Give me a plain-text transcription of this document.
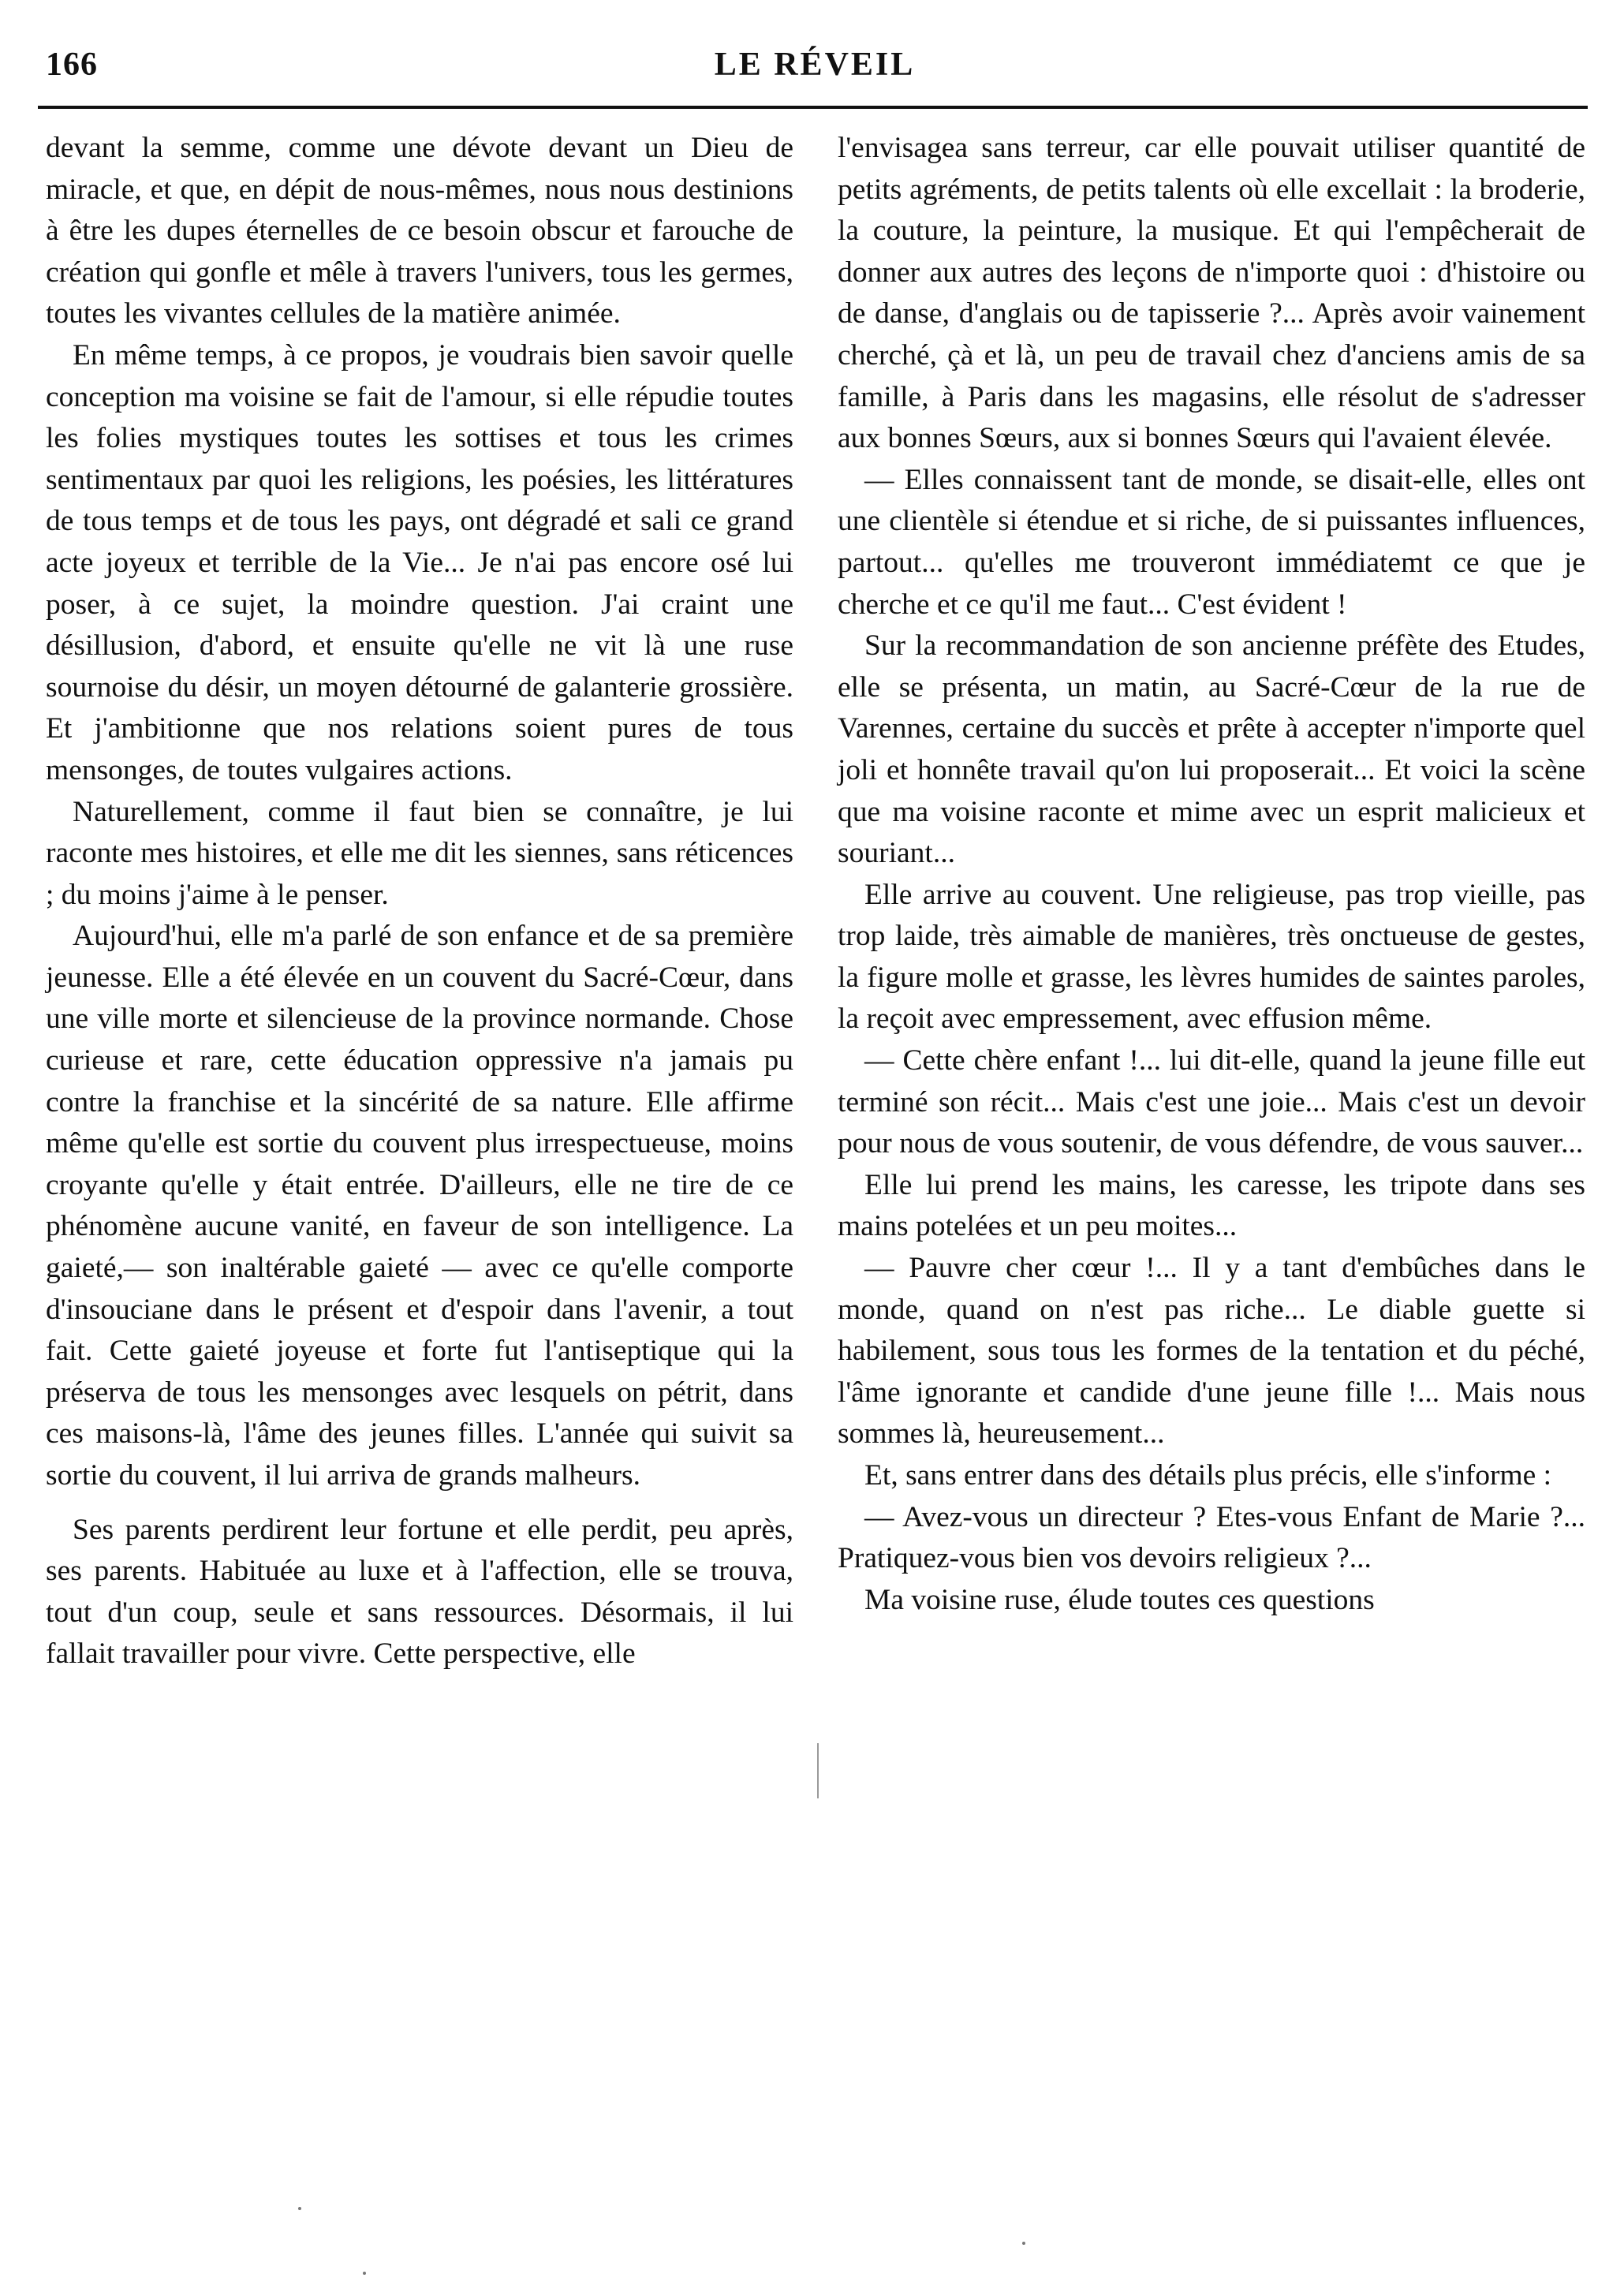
166	LE RÉVEIL

devant la semme, comme une dévote devant un Dieu de miracle, et que, en dépit de nous-mêmes, nous nous destinions à être les dupes éternelles de ce besoin obscur et farouche de création qui gonfle et mêle à travers l'univers, tous les germes, toutes les vivantes cellules de la matière animée.

En même temps, à ce propos, je voudrais bien savoir quelle conception ma voisine se fait de l'amour, si elle répudie toutes les folies mystiques toutes les sottises et tous les crimes sentimentaux par quoi les religions, les poésies, les littératures de tous temps et de tous les pays, ont dégradé et sali ce grand acte joyeux et terrible de la Vie... Je n'ai pas encore osé lui poser, à ce sujet, la moindre question. J'ai craint une désillusion, d'abord, et ensuite qu'elle ne vit là une ruse sournoise du désir, un moyen détourné de galanterie grossière. Et j'ambitionne que nos relations soient pures de tous mensonges, de toutes vulgaires actions.

Naturellement, comme il faut bien se connaître, je lui raconte mes histoires, et elle me dit les siennes, sans réticences ; du moins j'aime à le penser.

Aujourd'hui, elle m'a parlé de son enfance et de sa première jeunesse. Elle a été élevée en un couvent du Sacré-Cœur, dans une ville morte et silencieuse de la province normande. Chose curieuse et rare, cette éducation oppressive n'a jamais pu contre la franchise et la sincérité de sa nature. Elle affirme même qu'elle est sortie du couvent plus irrespectueuse, moins croyante qu'elle y était entrée. D'ailleurs, elle ne tire de ce phénomène aucune vanité, en faveur de son intelligence. La gaieté,— son inaltérable gaieté — avec ce qu'elle comporte d'insouciane dans le présent et d'espoir dans l'avenir, a tout fait. Cette gaieté joyeuse et forte fut l'antiseptique qui la préserva de tous les mensonges avec lesquels on pétrit, dans ces maisons-là, l'âme des jeunes filles. L'année qui suivit sa sortie du couvent, il lui arriva de grands malheurs.

Ses parents perdirent leur fortune et elle perdit, peu après, ses parents. Habituée au luxe et à l'affection, elle se trouva, tout d'un coup, seule et sans ressources. Désormais, il lui fallait travailler pour vivre. Cette perspective, elle

l'envisagea sans terreur, car elle pouvait utiliser quantité de petits agréments, de petits talents où elle excellait : la broderie, la couture, la peinture, la musique. Et qui l'empêcherait de donner aux autres des leçons de n'importe quoi : d'histoire ou de danse, d'anglais ou de tapisserie ?... Après avoir vainement cherché, çà et là, un peu de travail chez d'anciens amis de sa famille, à Paris dans les magasins, elle résolut de s'adresser aux bonnes Sœurs, aux si bonnes Sœurs qui l'avaient élevée.

— Elles connaissent tant de monde, se disait-elle, elles ont une clientèle si étendue et si riche, de si puissantes influences, partout... qu'elles me trouveront immédiatemt ce que je cherche et ce qu'il me faut... C'est évident !

Sur la recommandation de son ancienne préfète des Etudes, elle se présenta, un matin, au Sacré-Cœur de la rue de Varennes, certaine du succès et prête à accepter n'importe quel joli et honnête travail qu'on lui proposerait... Et voici la scène que ma voisine raconte et mime avec un esprit malicieux et souriant...

Elle arrive au couvent. Une religieuse, pas trop vieille, pas trop laide, très aimable de manières, très onctueuse de gestes, la figure molle et grasse, les lèvres humides de saintes paroles, la reçoit avec empressement, avec effusion même.

— Cette chère enfant !... lui dit-elle, quand la jeune fille eut terminé son récit... Mais c'est une joie... Mais c'est un devoir pour nous de vous soutenir, de vous défendre, de vous sauver...

Elle lui prend les mains, les caresse, les tripote dans ses mains potelées et un peu moites...

— Pauvre cher cœur !... Il y a tant d'embûches dans le monde, quand on n'est pas riche... Le diable guette si habilement, sous tous les formes de la tentation et du péché, l'âme ignorante et candide d'une jeune fille !... Mais nous sommes là, heureusement...

Et, sans entrer dans des détails plus précis, elle s'informe :

— Avez-vous un directeur ? Etes-vous Enfant de Marie ?... Pratiquez-vous bien vos devoirs religieux ?...

Ma voisine ruse, élude toutes ces questions
